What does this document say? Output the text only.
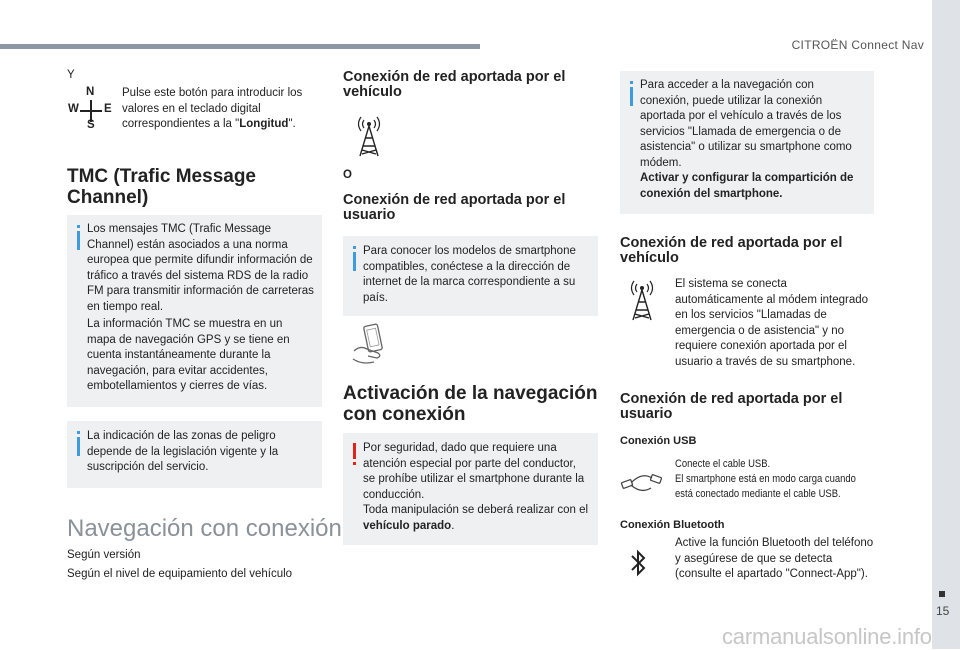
CITROËN Connect Nav
15
Y
N
S
W E
Pulse este botón para introducir los valores en el teclado digital correspondientes a la "Longitud".
TMC (Trafic Message Channel)
Los mensajes TMC (Trafic Message Channel) están asociados a una norma europea que permite difundir información de tráfico a través del sistema RDS de la radio FM para transmitir información de carreteras en tiempo real.
La información TMC se muestra en un mapa de navegación GPS y se tiene en cuenta instantáneamente durante la navegación, para evitar accidentes, embotellamientos y cierres de vías.
La indicación de las zonas de peligro depende de la legislación vigente y la suscripción del servicio.
Navegación con conexión
Según versión
Según el nivel de equipamiento del vehículo
Conexión de red aportada por el vehículo
O
Conexión de red aportada por el usuario
Para conocer los modelos de smartphone compatibles, conéctese a la dirección de internet de la marca correspondiente a su país.
Activación de la navegación con conexión
Por seguridad, dado que requiere una atención especial por parte del conductor, se prohíbe utilizar el smartphone durante la conducción.
Toda manipulación se deberá realizar con el vehículo parado.
Para acceder a la navegación con conexión, puede utilizar la conexión aportada por el vehículo a través de los servicios "Llamada de emergencia o de asistencia" o utilizar su smartphone como módem.
Activar y configurar la compartición de conexión del smartphone.
Conexión de red aportada por el vehículo
El sistema se conecta automáticamente al módem integrado en los servicios "Llamadas de emergencia o de asistencia" y no requiere conexión aportada por el usuario a través de su smartphone.
Conexión de red aportada por el usuario
Conexión USB
Conecte el cable USB.
El smartphone está en modo carga cuando
está conectado mediante el cable USB.
Conexión Bluetooth
Active la función Bluetooth del teléfono y asegúrese de que se detecta (consulte el apartado "Connect-App").
carmanualsonline.info
